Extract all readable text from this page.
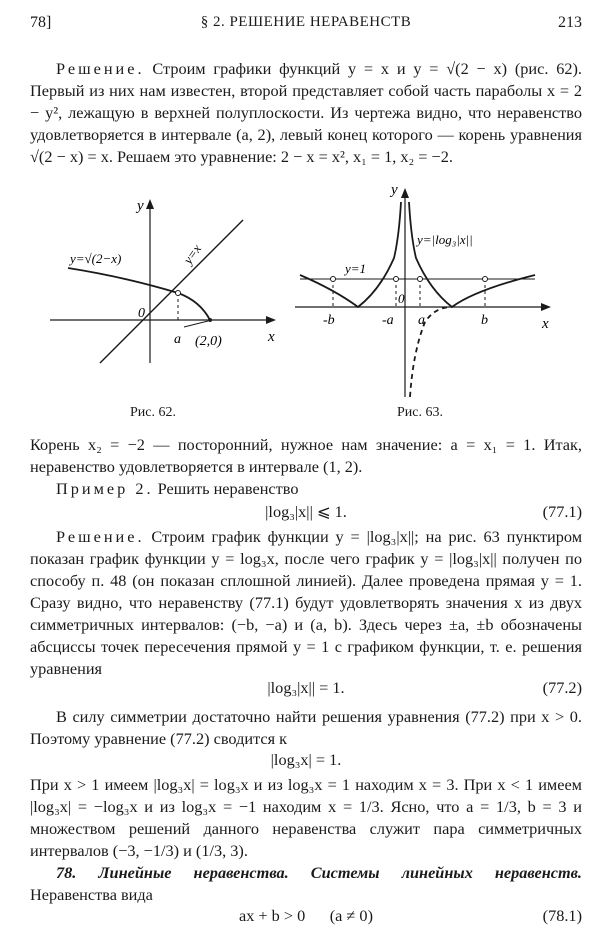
78]	§ 2. РЕШЕНИЕ НЕРАВЕНСТВ	213
Решение. Строим графики функций y = x и y = √(2 − x) (рис. 62). Первый из них нам известен, второй представляет собой часть параболы x = 2 − y², лежащую в верхней полуплоскости. Из чертежа видно, что неравенство удовлетворяется в интервале (a, 2), левый конец которого — корень уравнения √(2 − x) = x. Решаем это уравнение: 2 − x = x², x₁ = 1, x₂ = −2.
y
x
0
a (2,0)
y=√(2−x)	y=x
Рис. 62.
y
x
0
-b	-a a	b
y=1
y=|log₃|x||
Рис. 63.
Корень x₂ = −2 — посторонний, нужное нам значение: a = x₁ = 1. Итак, неравенство удовлетворяется в интервале (1, 2).
Пример 2. Решить неравенство
|log₃|x|| ⩽ 1.	(77.1)
Решение. Строим график функции y = |log₃|x||; на рис. 63 пунктиром показан график функции y = log₃x, после чего график y = |log₃|x|| получен по способу п. 48 (он показан сплошной линией). Далее проведена прямая y = 1. Сразу видно, что неравенству (77.1) будут удовлетворять значения x из двух симметричных интервалов: (−b, −a) и (a, b). Здесь через ±a, ±b обозначены абсциссы точек пересечения прямой y = 1 с графиком функции, т. е. решения уравнения
|log₃|x|| = 1.	(77.2)
В силу симметрии достаточно найти решения уравнения (77.2) при x > 0. Поэтому уравнение (77.2) сводится к
|log₃x| = 1.
При x > 1 имеем |log₃x| = log₃x и из log₃x = 1 находим x = 3. При x < 1 имеем |log₃x| = −log₃x и из log₃x = −1 находим x = 1/3. Ясно, что a = 1/3, b = 3 и множеством решений данного неравенства служит пара симметричных интервалов (−3, −1/3) и (1/3, 3).
78. Линейные неравенства. Системы линейных неравенств. Неравенства вида
ax + b > 0      (a ≠ 0)	(78.1)
